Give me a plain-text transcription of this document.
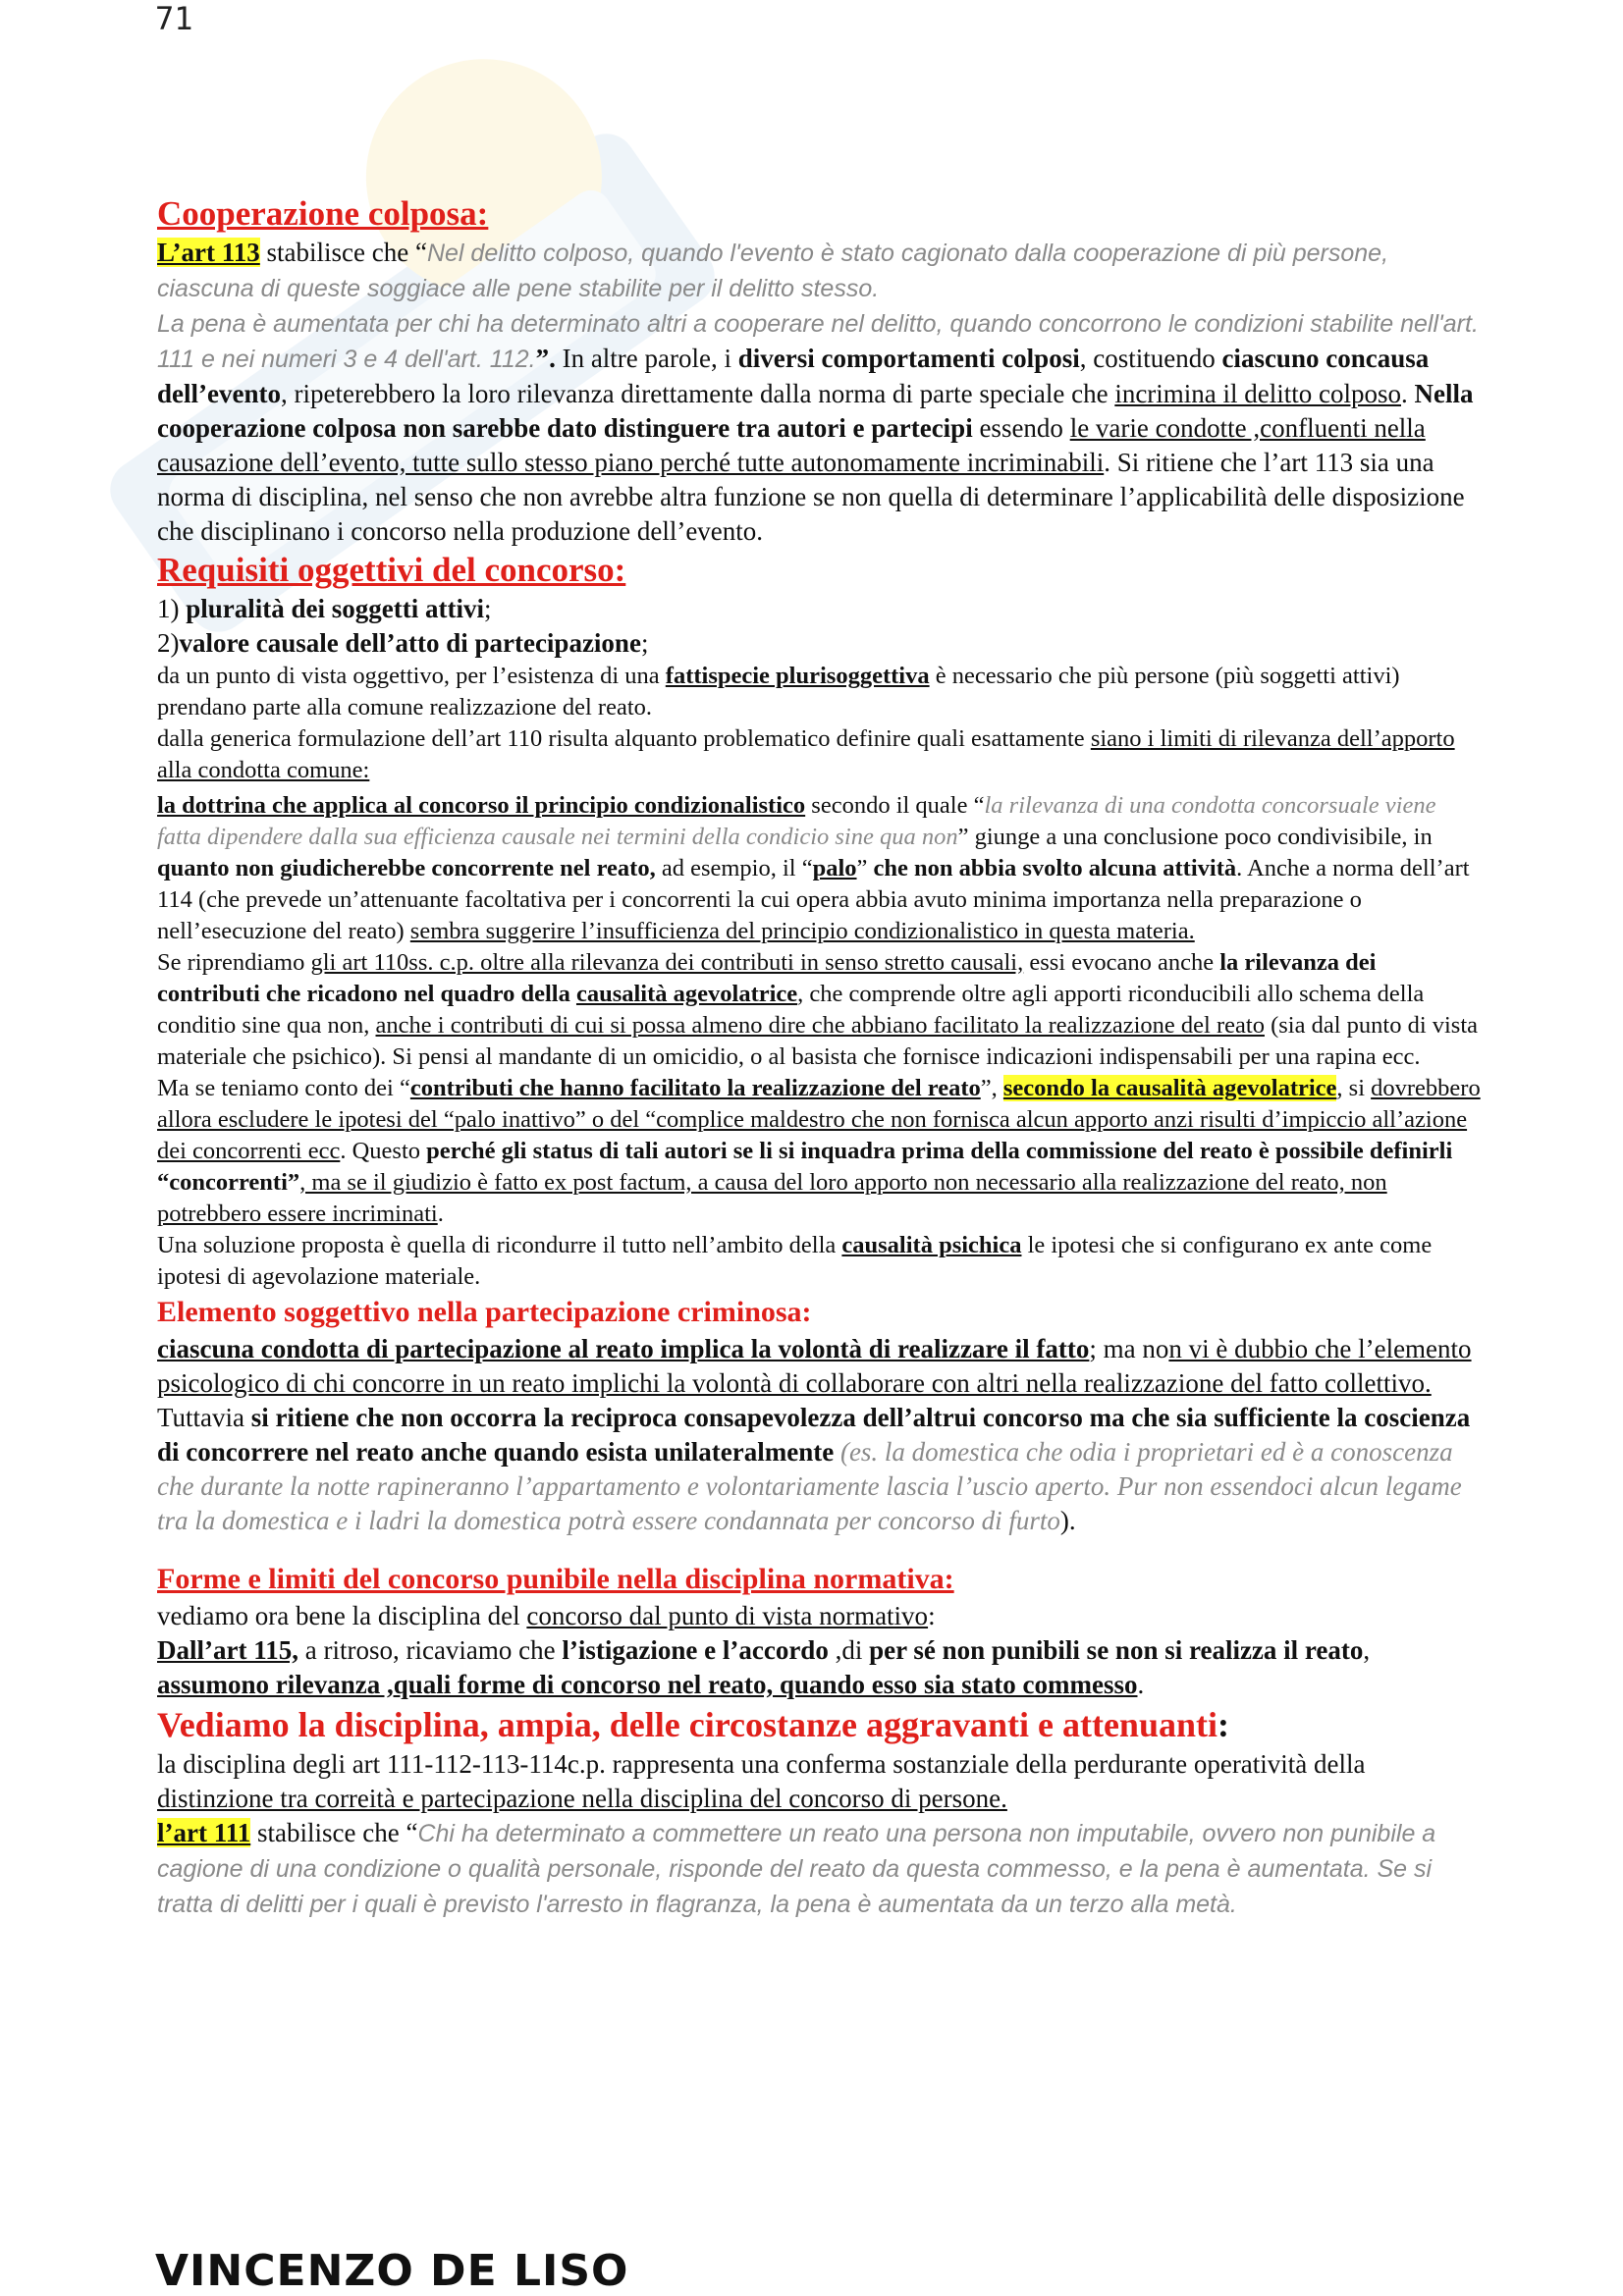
71
Cooperazione colposa:

L’art 113 stabilisce che “Nel delitto colposo, quando l'evento è stato cagionato dalla cooperazione di più persone, ciascuna di queste soggiace alle pene stabilite per il delitto stesso.
La pena è aumentata per chi ha determinato altri a cooperare nel delitto, quando concorrono le condizioni stabilite nell'art. 111 e nei numeri 3 e 4 dell'art. 112.”. In altre parole, i diversi comportamenti colposi, costituendo ciascuno concausa dell’evento, ripeterebbero la loro rilevanza direttamente dalla norma di parte speciale che incrimina il delitto colposo. Nella cooperazione colposa non sarebbe dato distinguere tra autori e partecipi essendo le varie condotte ,confluenti nella causazione dell’evento, tutte sullo stesso piano perché tutte autonomamente incriminabili. Si ritiene che l’art 113 sia una norma di disciplina, nel senso che non avrebbe altra funzione se non quella di determinare l’applicabilità delle disposizione che disciplinano i concorso nella produzione dell’evento.

Requisiti oggettivi del concorso:

1) pluralità dei soggetti attivi;

2)valore causale dell’atto di partecipazione;

da un punto di vista oggettivo, per l’esistenza di una fattispecie plurisoggettiva è necessario che più persone (più soggetti attivi) prendano parte alla comune realizzazione del reato.

dalla generica formulazione dell’art 110 risulta alquanto problematico definire quali esattamente siano i limiti di rilevanza dell’apporto alla condotta comune:

la dottrina che applica al concorso il principio condizionalistico secondo il quale “la rilevanza di una condotta concorsuale viene fatta dipendere dalla sua efficienza causale nei termini della condicio sine qua non” giunge a una conclusione poco condivisibile, in quanto non giudicherebbe concorrente nel reato, ad esempio, il “palo” che non abbia svolto alcuna attività. Anche a norma dell’art 114 (che prevede un’attenuante facoltativa per i concorrenti la cui opera abbia avuto minima importanza nella preparazione o nell’esecuzione del reato) sembra suggerire l’insufficienza del principio condizionalistico in questa materia.

Se riprendiamo gli art 110ss. c.p. oltre alla rilevanza dei contributi in senso stretto causali, essi evocano anche la rilevanza dei contributi che ricadono nel quadro della causalità agevolatrice, che comprende oltre agli apporti riconducibili allo schema della conditio sine qua non, anche i contributi di cui si possa almeno dire che abbiano facilitato la realizzazione del reato (sia dal punto di vista materiale che psichico). Si pensi al mandante di un omicidio, o al basista che fornisce indicazioni indispensabili per una rapina ecc.

Ma se teniamo conto dei “contributi che hanno facilitato la realizzazione del reato”, secondo la causalità agevolatrice, si dovrebbero allora escludere le ipotesi del “palo inattivo” o del “complice maldestro che non fornisca alcun apporto anzi risulti d’impiccio all’azione dei concorrenti ecc. Questo perché gli status di tali autori se li si inquadra prima della commissione del reato è possibile definirli “concorrenti”, ma se il giudizio è fatto ex post factum, a causa del loro apporto non necessario alla realizzazione del reato, non potrebbero essere incriminati.

Una soluzione proposta è quella di ricondurre il tutto nell’ambito della causalità psichica le ipotesi che si configurano ex ante come ipotesi di agevolazione materiale.

Elemento soggettivo nella partecipazione criminosa:

ciascuna condotta di partecipazione al reato implica la volontà di realizzare il fatto; ma non vi è dubbio che l’elemento psicologico di chi concorre in un reato implichi la volontà di collaborare con altri nella realizzazione del fatto collettivo. Tuttavia si ritiene che non occorra la reciproca consapevolezza dell’altrui concorso ma che sia sufficiente la coscienza di concorrere nel reato anche quando esista unilateralmente (es. la domestica che odia i proprietari ed è a conoscenza che durante la notte rapineranno l’appartamento e volontariamente lascia l’uscio aperto. Pur non essendoci alcun legame tra la domestica e i ladri la domestica potrà essere condannata per concorso di furto).

Forme e limiti del concorso punibile nella disciplina normativa:

vediamo ora bene la disciplina del concorso dal punto di vista normativo:

Dall’art 115, a ritroso, ricaviamo che l’istigazione e l’accordo ,di per sé non punibili se non si realizza il reato, assumono rilevanza ,quali forme di concorso nel reato, quando esso sia stato commesso.

Vediamo la disciplina, ampia, delle circostanze aggravanti e attenuanti:

la disciplina degli art 111-112-113-114c.p. rappresenta una conferma sostanziale della perdurante operatività della distinzione tra correità e partecipazione nella disciplina del concorso di persone.

l’art 111 stabilisce che “Chi ha determinato a commettere un reato una persona non imputabile, ovvero non punibile a cagione di una condizione o qualità personale, risponde del reato da questa commesso, e la pena è aumentata. Se si tratta di delitti per i quali è previsto l'arresto in flagranza, la pena è aumentata da un terzo alla metà.

VINCENZO DE LISO
